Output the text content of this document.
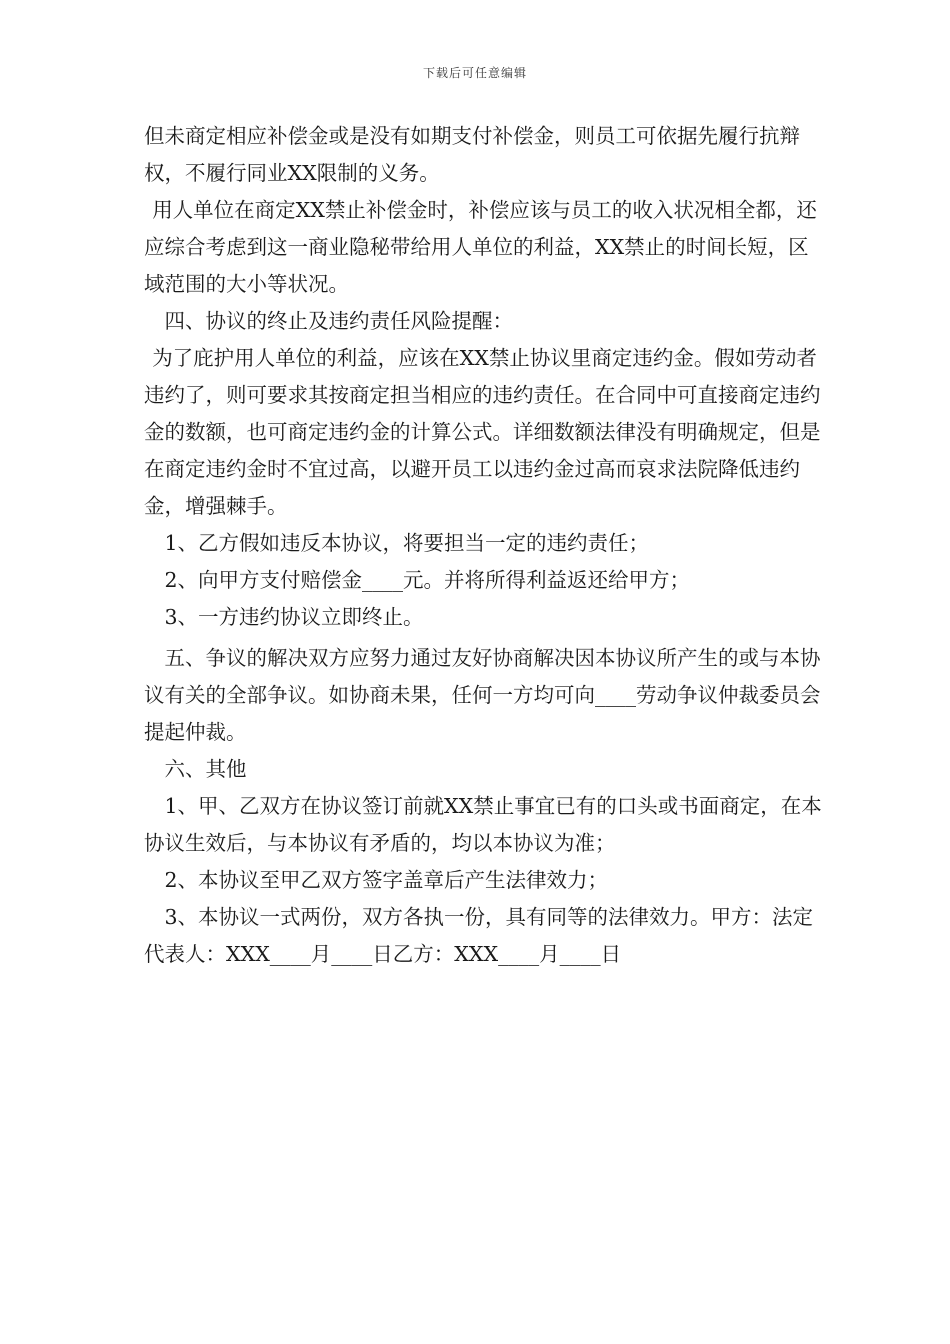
下载后可任意编辑

但未商定相应补偿金或是没有如期支付补偿金，则员工可依据先履行抗辩权，不履行同业XX限制的义务。

用人单位在商定XX禁止补偿金时，补偿应该与员工的收入状况相全都，还应综合考虑到这一商业隐秘带给用人单位的利益，XX禁止的时间长短，区域范围的大小等状况。

四、协议的终止及违约责任风险提醒：

为了庇护用人单位的利益，应该在XX禁止协议里商定违约金。假如劳动者违约了，则可要求其按商定担当相应的违约责任。在合同中可直接商定违约金的数额，也可商定违约金的计算公式。详细数额法律没有明确规定，但是在商定违约金时不宜过高，以避开员工以违约金过高而哀求法院降低违约金，增强棘手。

1、乙方假如违反本协议，将要担当一定的违约责任；

2、向甲方支付赔偿金____元。并将所得利益返还给甲方；

3、一方违约协议立即终止。

五、争议的解决双方应努力通过友好协商解决因本协议所产生的或与本协议有关的全部争议。如协商未果，任何一方均可向____劳动争议仲裁委员会提起仲裁。

六、其他

1、甲、乙双方在协议签订前就XX禁止事宜已有的口头或书面商定，在本协议生效后，与本协议有矛盾的，均以本协议为准；

2、本协议至甲乙双方签字盖章后产生法律效力；

3、本协议一式两份，双方各执一份，具有同等的法律效力。甲方：法定代表人：XXX____月____日乙方：XXX____月____日
